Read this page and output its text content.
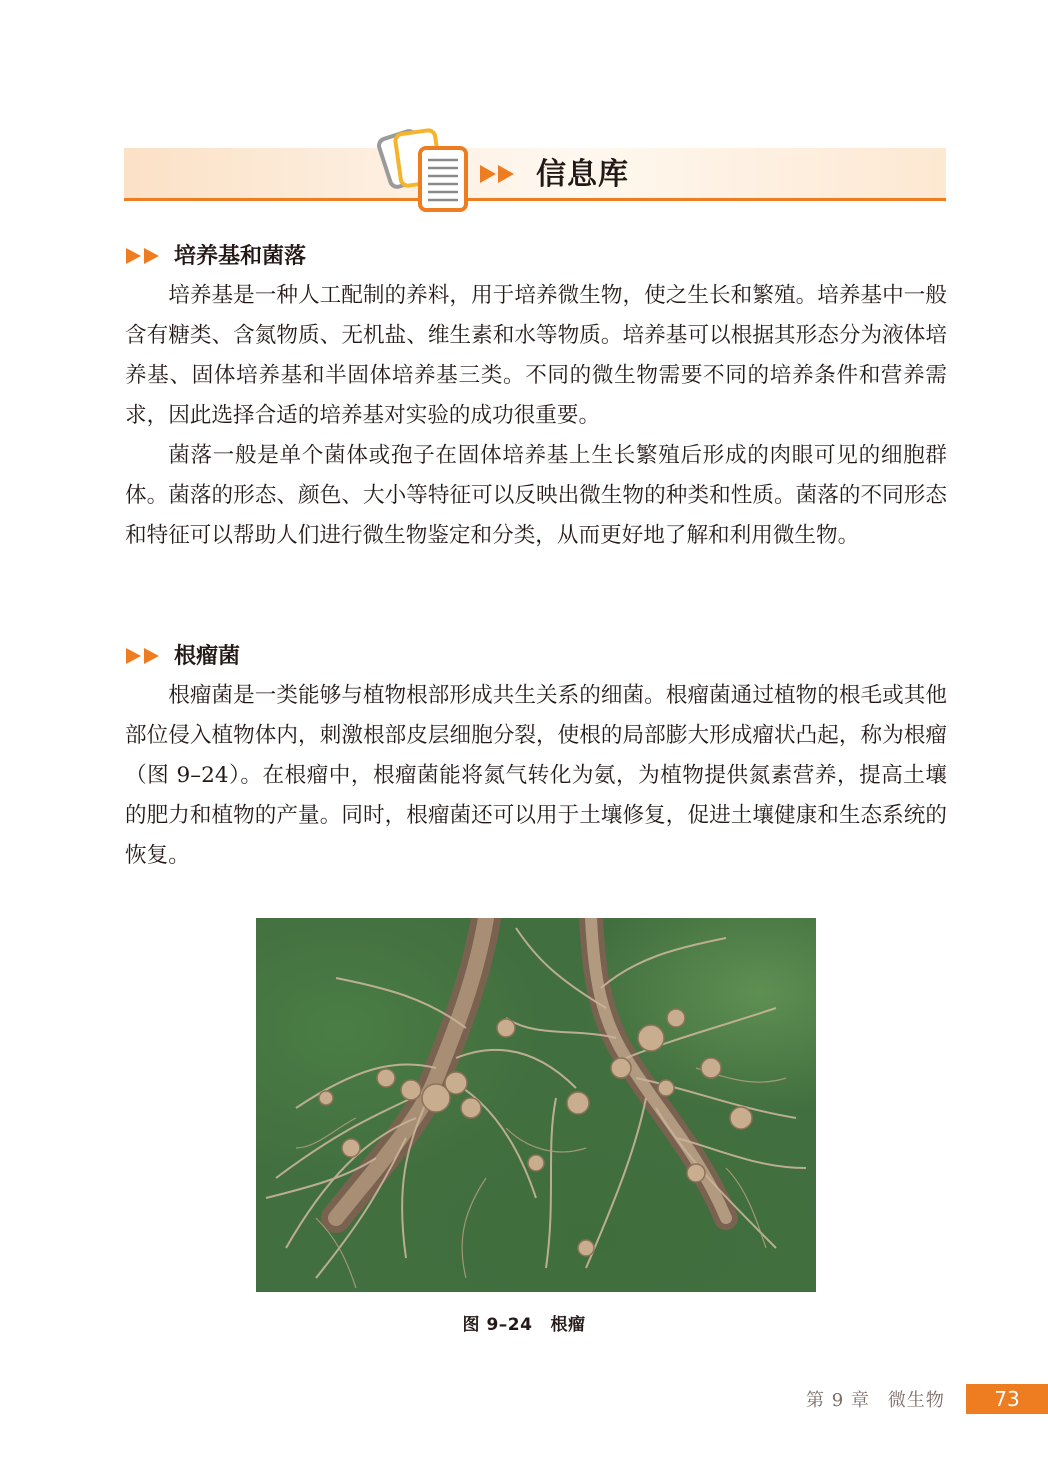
信息库
培养基和菌落

培养基是一种人工配制的养料，用于培养微生物，使之生长和繁殖。培养基中一般含有糖类、含氮物质、无机盐、维生素和水等物质。培养基可以根据其形态分为液体培养基、固体培养基和半固体培养基三类。不同的微生物需要不同的培养条件和营养需求，因此选择合适的培养基对实验的成功很重要。

菌落一般是单个菌体或孢子在固体培养基上生长繁殖后形成的肉眼可见的细胞群体。菌落的形态、颜色、大小等特征可以反映出微生物的种类和性质。菌落的不同形态和特征可以帮助人们进行微生物鉴定和分类，从而更好地了解和利用微生物。

根瘤菌

根瘤菌是一类能够与植物根部形成共生关系的细菌。根瘤菌通过植物的根毛或其他部位侵入植物体内，刺激根部皮层细胞分裂，使根的局部膨大形成瘤状凸起，称为根瘤（图 9–24）。在根瘤中，根瘤菌能将氮气转化为氨，为植物提供氮素营养，提高土壤的肥力和植物的产量。同时，根瘤菌还可以用于土壤修复，促进土壤健康和生态系统的恢复。

图 9–24 根瘤
第 9 章 微生物	73
